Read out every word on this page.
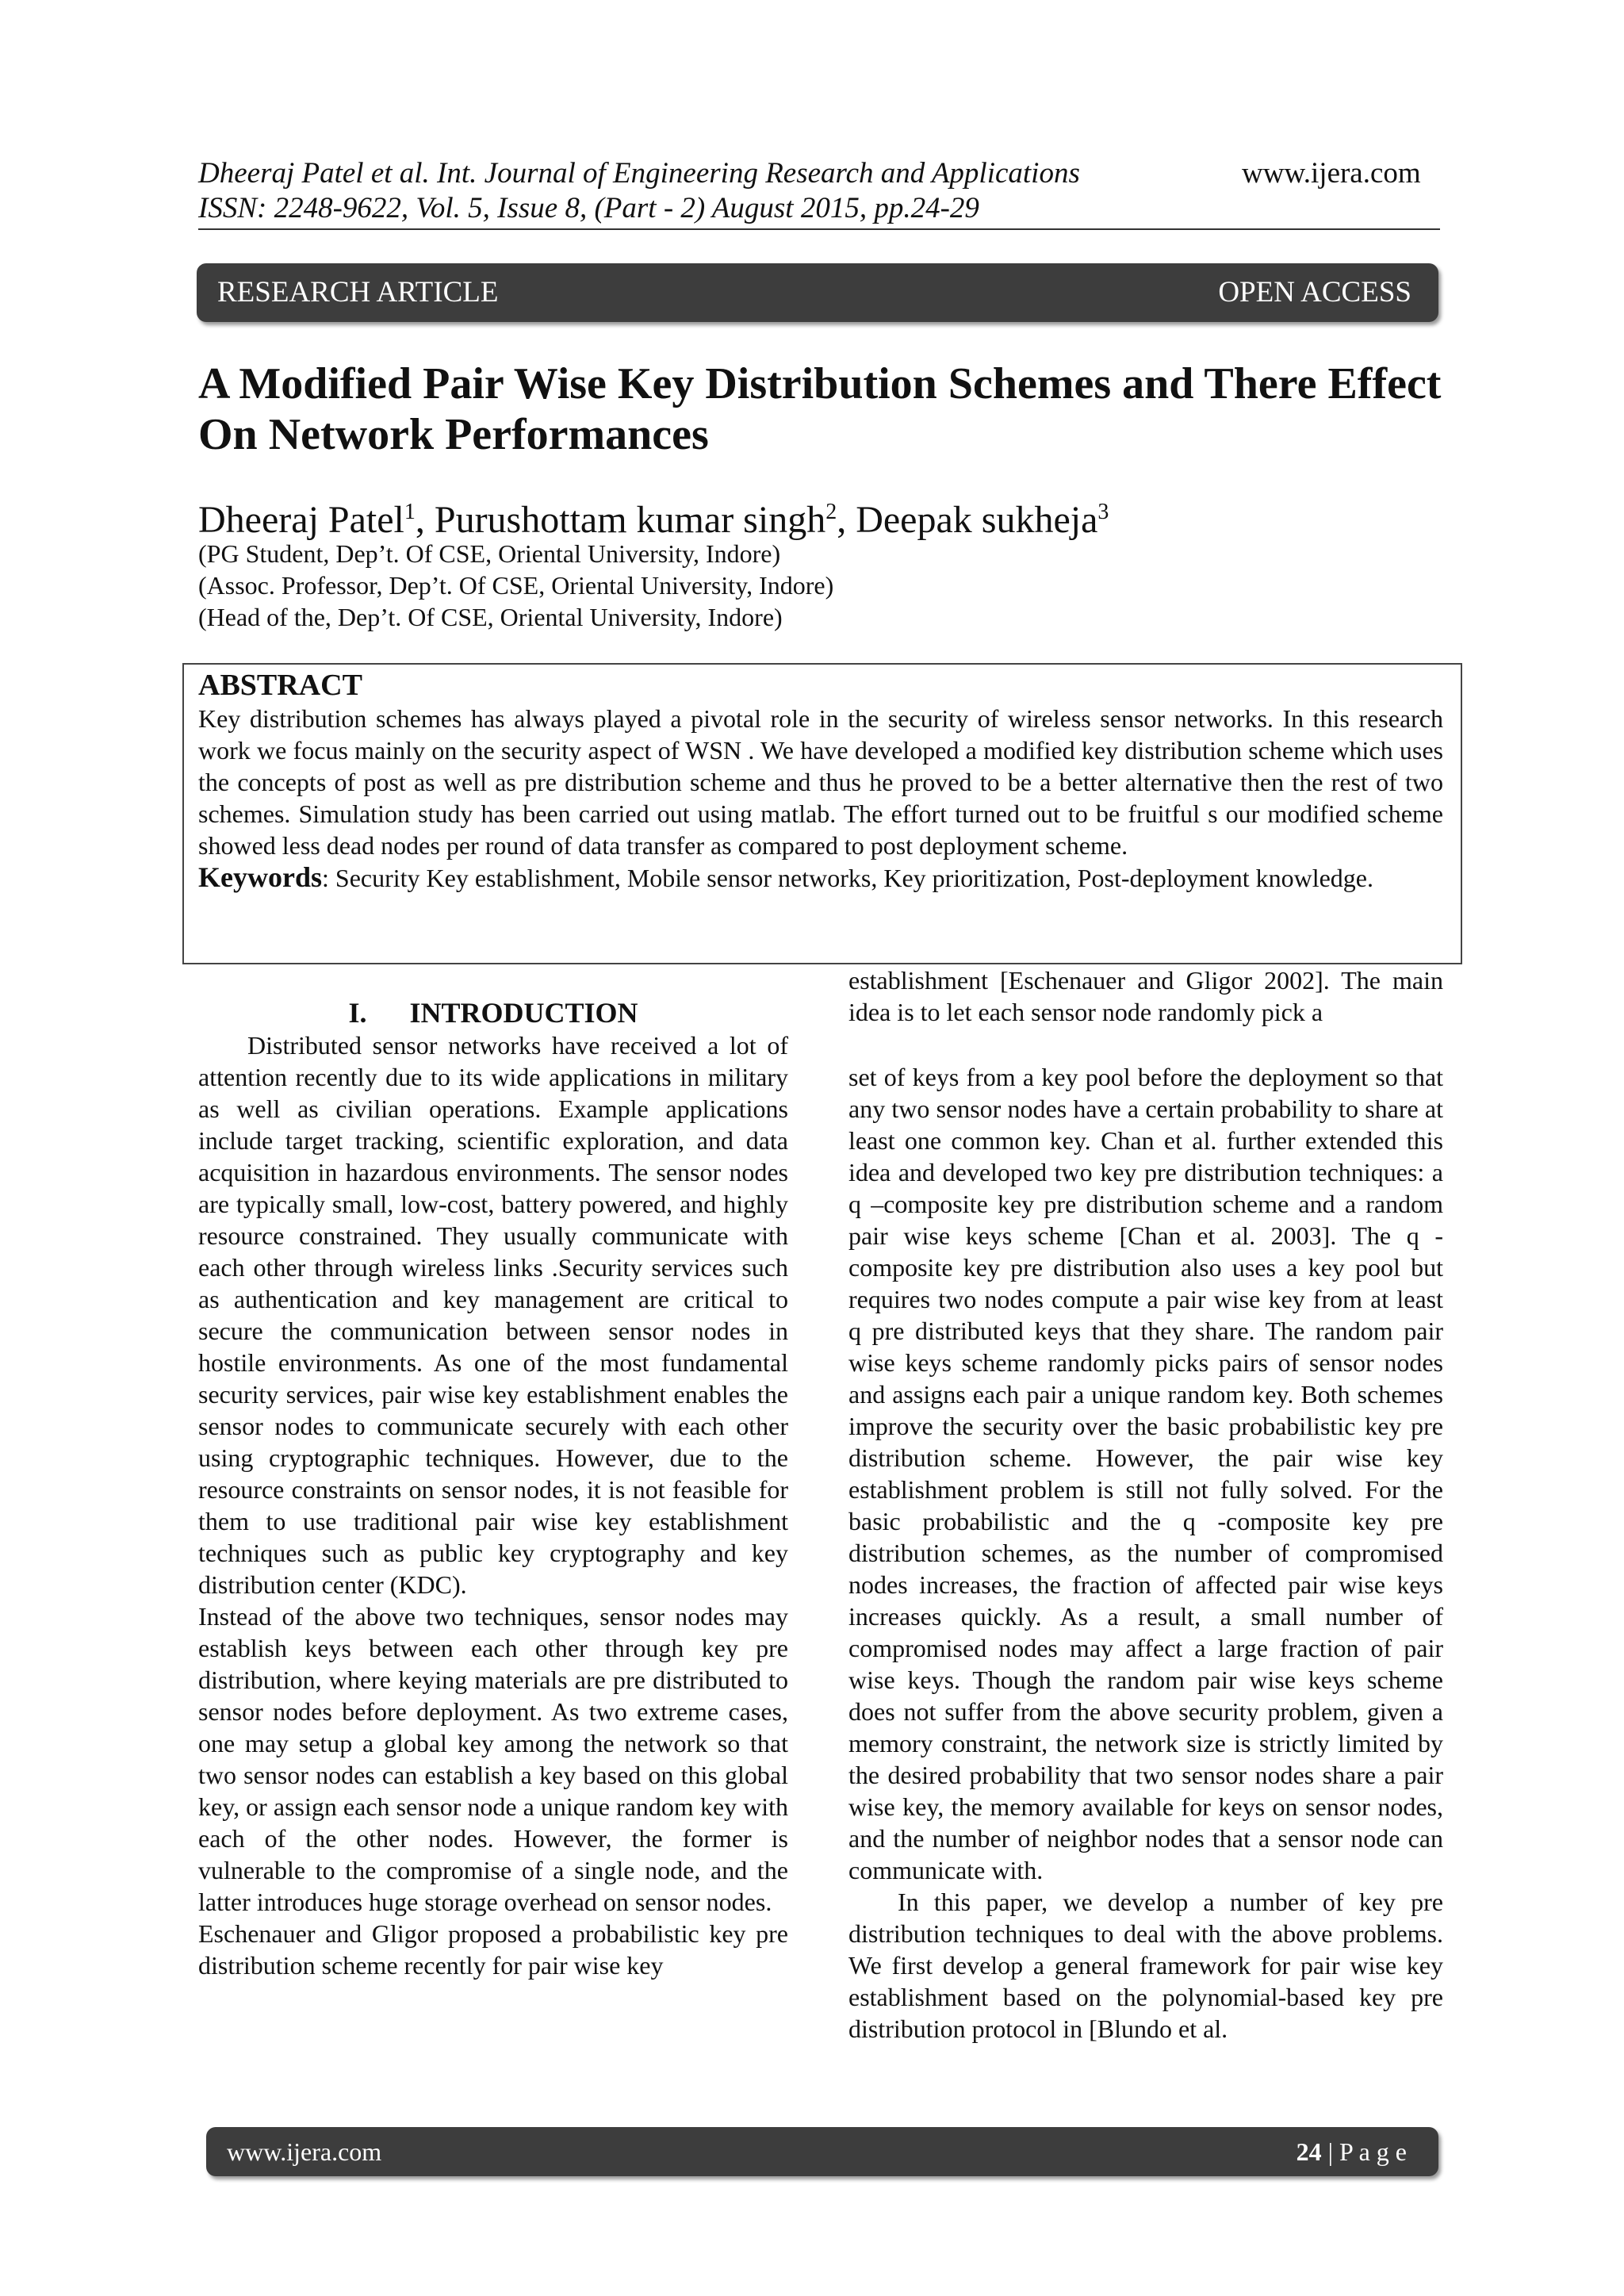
Dheeraj Patel et al. Int. Journal of Engineering Research and Applications
ISSN: 2248-9622, Vol. 5, Issue 8, (Part - 2) August 2015, pp.24-29
www.ijera.com
RESEARCH ARTICLE	OPEN ACCESS
A Modified Pair Wise Key Distribution Schemes and There Effect On Network Performances
Dheeraj Patel$^1$, Purushottam kumar singh$^2$, Deepak sukheja$^3$
(PG Student, Dep’t. Of CSE, Oriental University, Indore)
(Assoc. Professor, Dep’t. Of CSE, Oriental University, Indore)
(Head of the, Dep’t. Of CSE, Oriental University, Indore)
ABSTRACT

Key distribution schemes has always played a pivotal role in the security of wireless sensor networks. In this research work we focus mainly on the security aspect of WSN . We have developed a modified key distribution scheme which uses the concepts of post as well as pre distribution scheme and thus he proved to be a better alternative then the rest of two schemes. Simulation study has been carried out using matlab. The effort turned out to be fruitful s our modified scheme showed less dead nodes per round of data transfer as compared to post deployment scheme.

Keywords: Security Key establishment, Mobile sensor networks, Key prioritization, Post-deployment knowledge.

I.      INTRODUCTION

Distributed sensor networks have received a lot of attention recently due to its wide applications in military as well as civilian operations. Example applications include target tracking, scientific exploration, and data acquisition in hazardous environments. The sensor nodes are typically small, low-cost, battery powered, and highly resource constrained. They usually communicate with each other through wireless links .Security services such as authentication and key management are critical to secure the communication between sensor nodes in hostile environments. As one of the most fundamental security services, pair wise key establishment enables the sensor nodes to communicate securely with each other using cryptographic techniques. However, due to the resource constraints on sensor nodes, it is not feasible for them to use traditional pair wise key establishment techniques such as public key cryptography and key distribution center (KDC).

Instead of the above two techniques, sensor nodes may establish keys between each other through key pre distribution, where keying materials are pre distributed to sensor nodes before deployment. As two extreme cases, one may setup a global key among the network so that two sensor nodes can establish a key based on this global key, or assign each sensor node a unique random key with each of the other nodes. However, the former is vulnerable to the compromise of a single node, and the latter introduces huge storage overhead on sensor nodes.

Eschenauer and Gligor proposed a probabilistic key pre distribution scheme recently for pair wise key

establishment [Eschenauer and Gligor 2002]. The main idea is to let each sensor node randomly pick a

set of keys from a key pool before the deployment so that any two sensor nodes have a certain probability to share at least one common key. Chan et al. further extended this idea and developed two key pre distribution techniques: a q –composite key pre distribution scheme and a random pair wise keys scheme [Chan et al. 2003]. The q -composite key pre distribution also uses a key pool but requires two nodes compute a pair wise key from at least q pre distributed keys that they share. The random pair wise keys scheme randomly picks pairs of sensor nodes and assigns each pair a unique random key. Both schemes improve the security over the basic probabilistic key pre distribution scheme. However, the pair wise key establishment problem is still not fully solved. For the basic probabilistic and the q -composite key pre distribution schemes, as the number of compromised nodes increases, the fraction of affected pair wise keys increases quickly. As a result, a small number of compromised nodes may affect a large fraction of pair wise keys. Though the random pair wise keys scheme does not suffer from the above security problem, given a memory constraint, the network size is strictly limited by the desired probability that two sensor nodes share a pair wise key, the memory available for keys on sensor nodes, and the number of neighbor nodes that a sensor node can communicate with.

In this paper, we develop a number of key pre distribution techniques to deal with the above problems. We first develop a general framework for pair wise key establishment based on the polynomial-based key pre distribution protocol in [Blundo et al.

www.ijera.com	24 | P a g e
